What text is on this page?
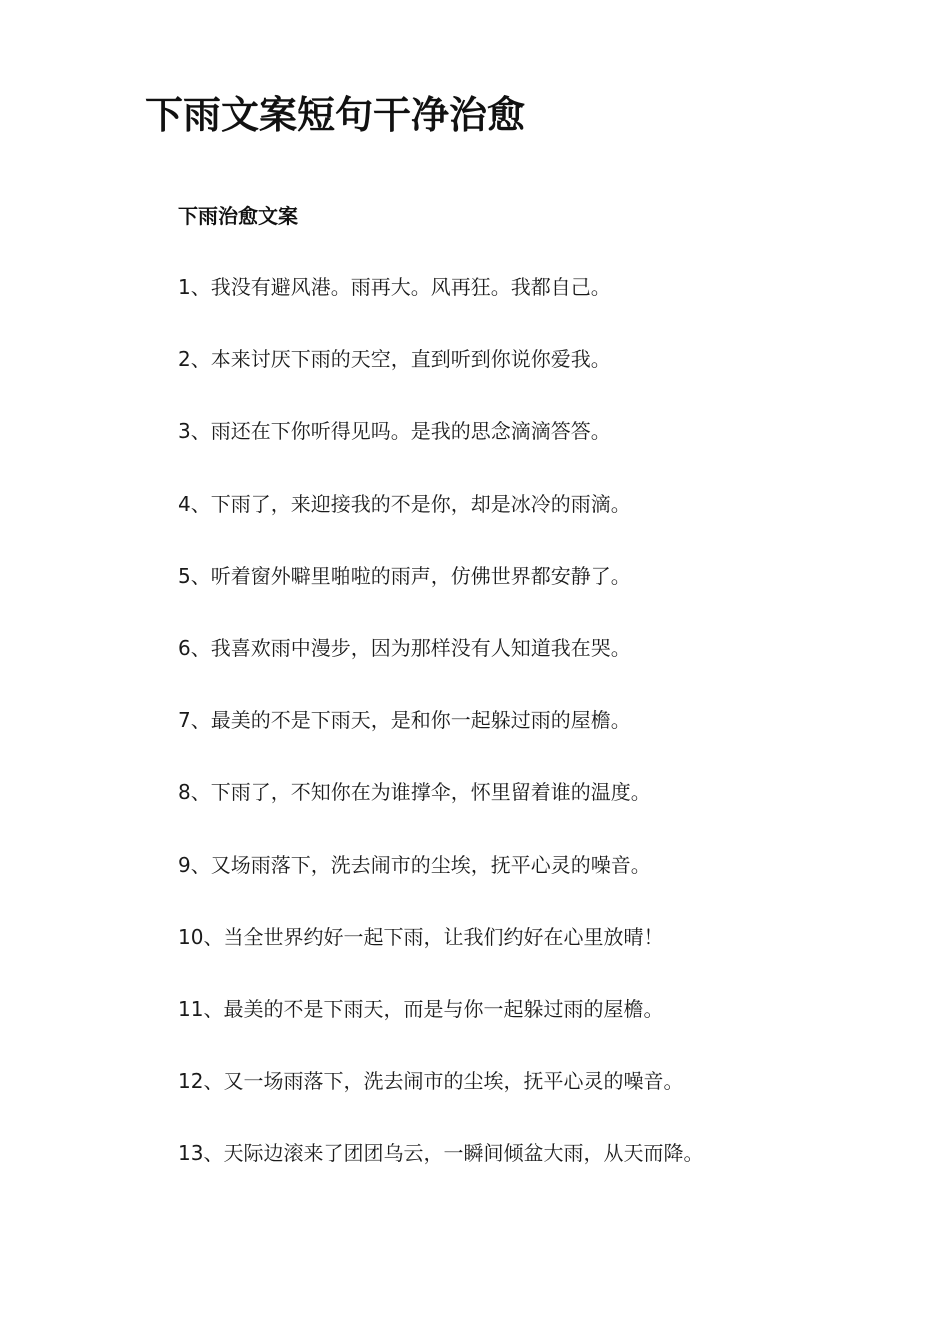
下雨文案短句干净治愈
下雨治愈文案
1、我没有避风港。雨再大。风再狂。我都自己。
2、本来讨厌下雨的天空，直到听到你说你爱我。
3、雨还在下你听得见吗。是我的思念滴滴答答。
4、下雨了，来迎接我的不是你，却是冰冷的雨滴。
5、听着窗外噼里啪啦的雨声，仿佛世界都安静了。
6、我喜欢雨中漫步，因为那样没有人知道我在哭。
7、最美的不是下雨天，是和你一起躲过雨的屋檐。
8、下雨了，不知你在为谁撑伞，怀里留着谁的温度。
9、又场雨落下，洗去闹市的尘埃，抚平心灵的噪音。
10、当全世界约好一起下雨，让我们约好在心里放晴！
11、最美的不是下雨天，而是与你一起躲过雨的屋檐。
12、又一场雨落下，洗去闹市的尘埃，抚平心灵的噪音。
13、天际边滚来了团团乌云，一瞬间倾盆大雨，从天而降。
